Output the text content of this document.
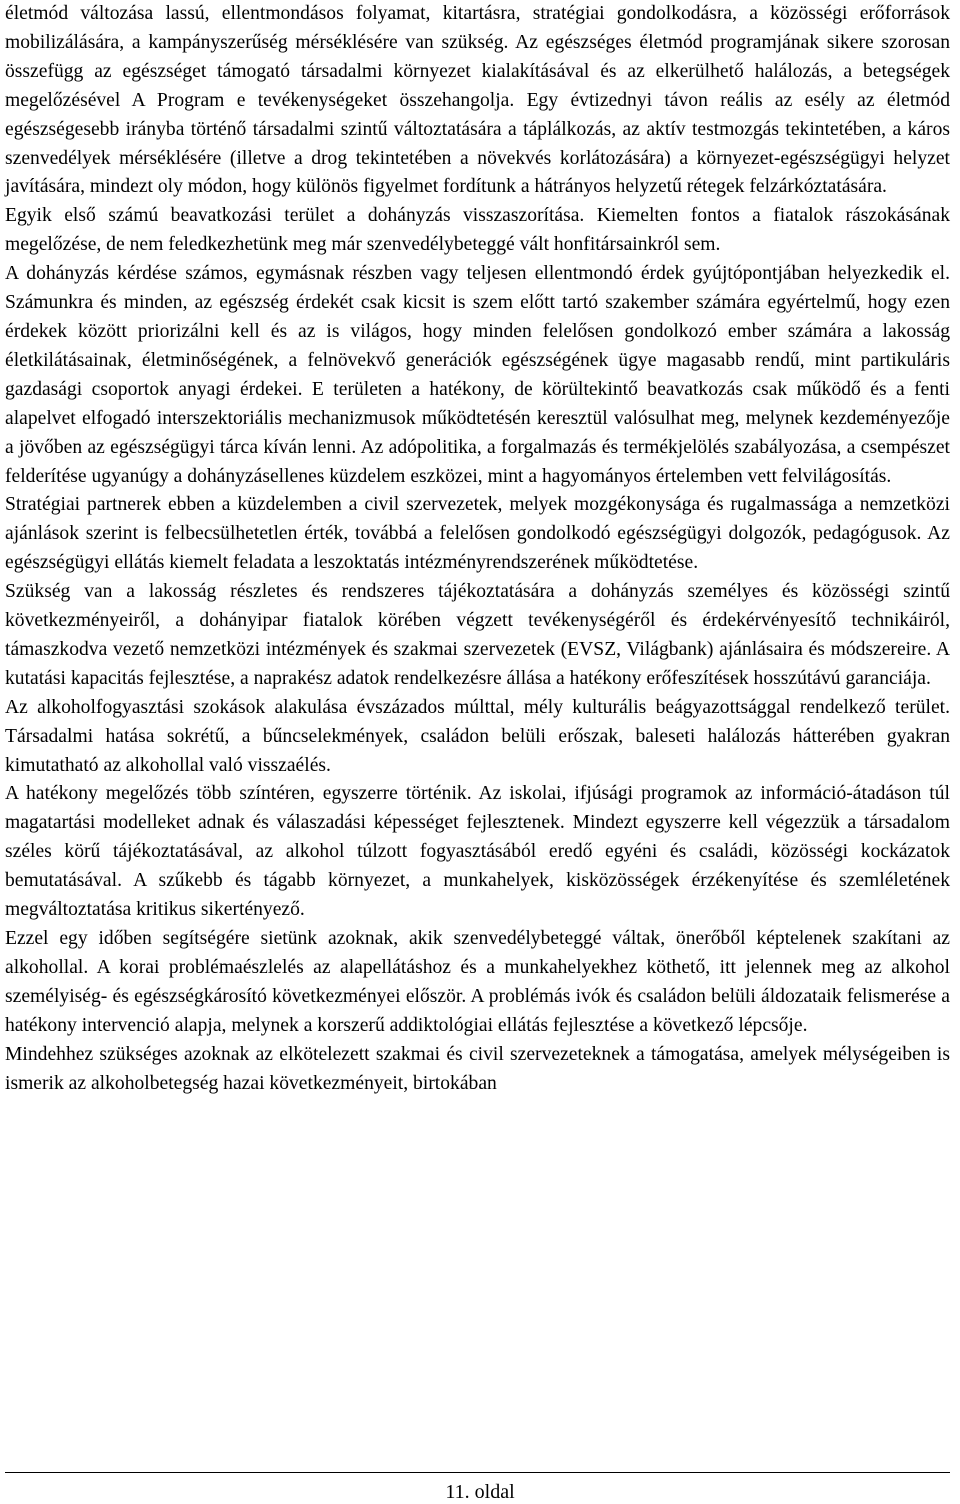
életmód változása lassú, ellentmondásos folyamat, kitartásra, stratégiai gondolkodásra, a közösségi erőforrások mobilizálására, a kampányszerűség mérséklésére van szükség. Az egészséges életmód programjának sikere szorosan összefügg az egészséget támogató társadalmi környezet kialakításával és az elkerülhető halálozás, a betegségek megelőzésével A Program e tevékenységeket összehangolja. Egy évtizednyi távon reális az esély az életmód egészségesebb irányba történő társadalmi szintű változtatására a táplálkozás, az aktív testmozgás tekintetében, a káros szenvedélyek mérséklésére (illetve a drog tekintetében a növekvés korlátozására) a környezet-egészségügyi helyzet javítására, mindezt oly módon, hogy különös figyelmet fordítunk a hátrányos helyzetű rétegek felzárkóztatására.

Egyik első számú beavatkozási terület a dohányzás visszaszorítása. Kiemelten fontos a fiatalok rászokásának megelőzése, de nem feledkezhetünk meg már szenvedélybeteggé vált honfitársainkról sem.

A dohányzás kérdése számos, egymásnak részben vagy teljesen ellentmondó érdek gyújtópontjában helyezkedik el. Számunkra és minden, az egészség érdekét csak kicsit is szem előtt tartó szakember számára egyértelmű, hogy ezen érdekek között priorizálni kell és az is világos, hogy minden felelősen gondolkozó ember számára a lakosság életkilátásainak, életminőségének, a felnövekvő generációk egészségének ügye magasabb rendű, mint partikuláris gazdasági csoportok anyagi érdekei. E területen a hatékony, de körültekintő beavatkozás csak működő és a fenti alapelvet elfogadó interszektoriális mechanizmusok működtetésén keresztül valósulhat meg, melynek kezdeményezője a jövőben az egészségügyi tárca kíván lenni. Az adópolitika, a forgalmazás és termékjelölés szabályozása, a csempészet felderítése ugyanúgy a dohányzásellenes küzdelem eszközei, mint a hagyományos értelemben vett felvilágosítás.

Stratégiai partnerek ebben a küzdelemben a civil szervezetek, melyek mozgékonysága és rugalmassága a nemzetközi ajánlások szerint is felbecsülhetetlen érték, továbbá a felelősen gondolkodó egészségügyi dolgozók, pedagógusok. Az egészségügyi ellátás kiemelt feladata a leszoktatás intézményrendszerének működtetése.

Szükség van a lakosság részletes és rendszeres tájékoztatására a dohányzás személyes és közösségi szintű következményeiről, a dohányipar fiatalok körében végzett tevékenységéről és érdekérvényesítő technikáiról, támaszkodva vezető nemzetközi intézmények és szakmai szervezetek (EVSZ, Világbank) ajánlásaira és módszereire. A kutatási kapacitás fejlesztése, a naprakész adatok rendelkezésre állása a hatékony erőfeszítések hosszútávú garanciája.

Az alkoholfogyasztási szokások alakulása évszázados múlttal, mély kulturális beágyazottsággal rendelkező terület. Társadalmi hatása sokrétű, a bűncselekmények, családon belüli erőszak, baleseti halálozás hátterében gyakran kimutatható az alkohollal való visszaélés.

A hatékony megelőzés több színtéren, egyszerre történik. Az iskolai, ifjúsági programok az információ-átadáson túl magatartási modelleket adnak és válaszadási képességet fejlesztenek. Mindezt egyszerre kell végezzük a társadalom széles körű tájékoztatásával, az alkohol túlzott fogyasztásából eredő egyéni és családi, közösségi kockázatok bemutatásával. A szűkebb és tágabb környezet, a munkahelyek, kisközösségek érzékenyítése és szemléletének megváltoztatása kritikus sikertényező.

Ezzel egy időben segítségére sietünk azoknak, akik szenvedélybeteggé váltak, önerőből képtelenek szakítani az alkohollal. A korai problémaészlelés az alapellátáshoz és a munkahelyekhez köthető, itt jelennek meg az alkohol személyiség- és egészségkárosító következményei először. A problémás ivók és családon belüli áldozataik felismerése a hatékony intervenció alapja, melynek a korszerű addiktológiai ellátás fejlesztése a következő lépcsője.

Mindehhez szükséges azoknak az elkötelezett szakmai és civil szervezeteknek a támogatása, amelyek mélységeiben is ismerik az alkoholbetegség hazai következményeit, birtokában

11. oldal
